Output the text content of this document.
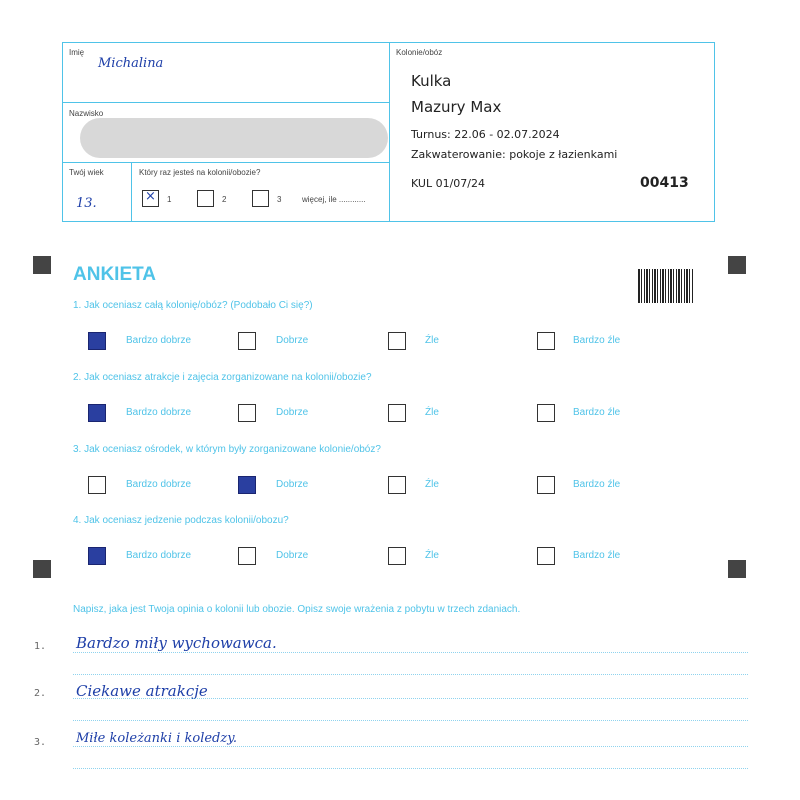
Imię
Michalina
Nazwisko
Twój wiek
13.
Który raz jesteś na kolonii/obozie?
× 1	2	3	więcej, ile ............
Kolonie/obóz
Kulka
Mazury Max
Turnus: 22.06 - 02.07.2024
Zakwaterowanie: pokoje z łazienkami
KUL 01/07/24	00413
ANKIETA
1. Jak oceniasz całą kolonię/obóz? (Podobało Ci się?)
Bardzo dobrze	Dobrze	Źle	Bardzo źle
2. Jak oceniasz atrakcje i zajęcia zorganizowane na kolonii/obozie?
Bardzo dobrze	Dobrze	Źle	Bardzo źle
3. Jak oceniasz ośrodek, w którym były zorganizowane kolonie/obóz?
Bardzo dobrze	Dobrze	Źle	Bardzo źle
4. Jak oceniasz jedzenie podczas kolonii/obozu?
Bardzo dobrze	Dobrze	Źle	Bardzo źle
Napisz, jaka jest Twoja opinia o kolonii lub obozie. Opisz swoje wrażenia z pobytu w trzech zdaniach.
1. Bardzo miły wychowawca.
2. Ciekawe atrakcje
3. Miłe koleżanki i koledzy.
